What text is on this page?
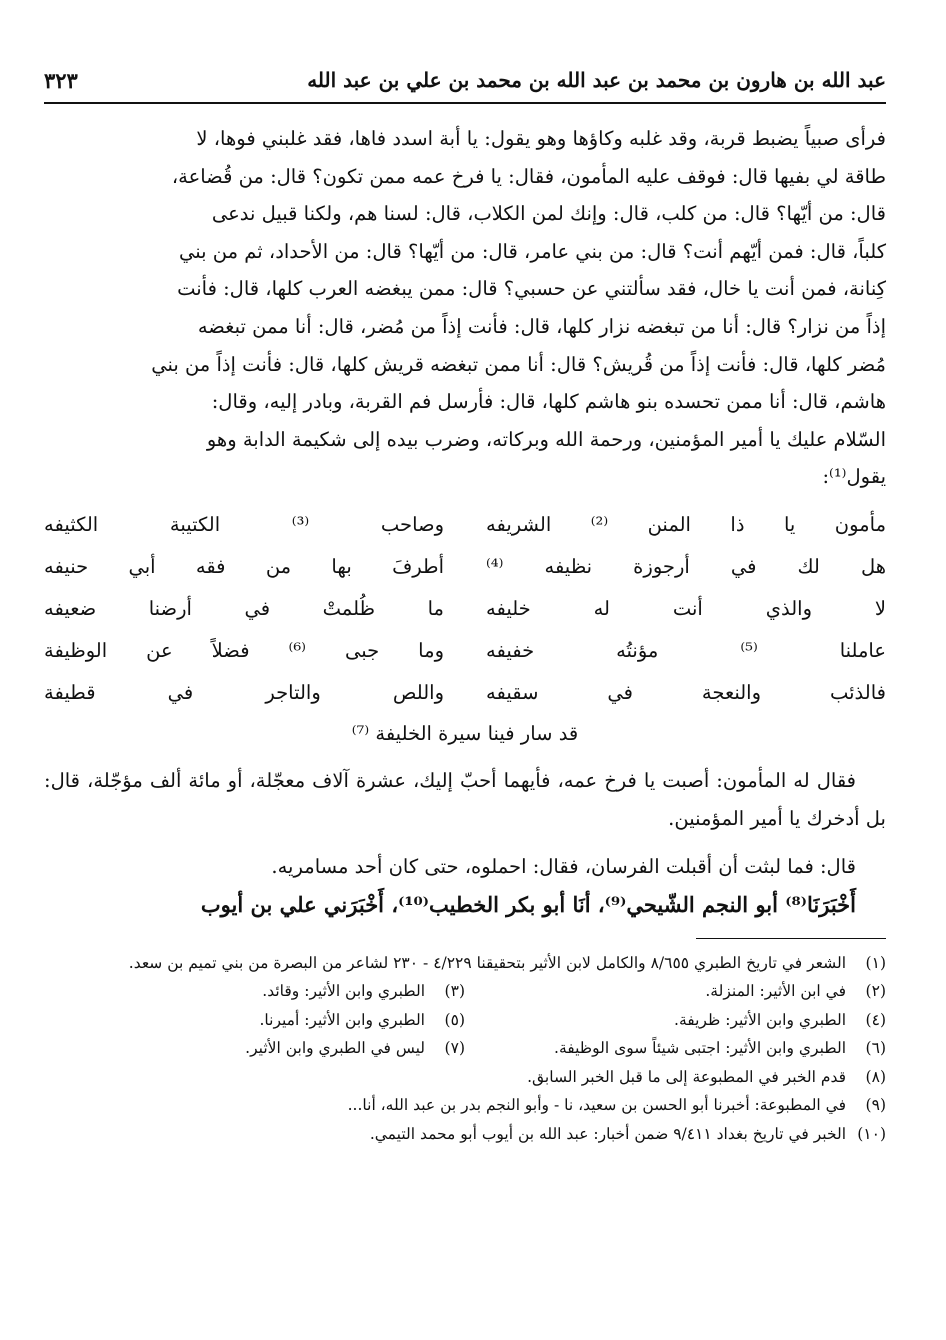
عبد الله بن هارون بن محمد بن عبد الله بن محمد بن علي بن عبد الله
٣٢٣

فرأى صبياً يضبط قربة، وقد غلبه وكاؤها وهو يقول: يا أبة اسدد فاها، فقد غلبني فوها، لا

طاقة لي بفيها قال: فوقف عليه المأمون، فقال: يا فرخ عمه ممن تكون؟ قال: من قُضاعة،

قال: من أيّها؟ قال: من كلب، قال: وإنك لمن الكلاب، قال: لسنا هم، ولكنا قبيل ندعى

كلباً، قال: فمن أيّهم أنت؟ قال: من بني عامر، قال: من أيّها؟ قال: من الأحداد، ثم من بني

كِنانة، فمن أنت يا خال، فقد سألتني عن حسبي؟ قال: ممن يبغضه العرب كلها، قال: فأنت

إذاً من نزار؟ قال: أنا من تبغضه نزار كلها، قال: فأنت إذاً من مُضر، قال: أنا ممن تبغضه

مُضر كلها، قال: فأنت إذاً من قُريش؟ قال: أنا ممن تبغضه قريش كلها، قال: فأنت إذاً من بني

هاشم، قال: أنا ممن تحسده بنو هاشم كلها، قال: فأرسل فم القربة، وبادر إليه، وقال:

السّلام عليك يا أمير المؤمنين، ورحمة الله وبركاته، وضرب بيده إلى شكيمة الدابة وهو

يقول⁽¹⁾:

مأمون يا ذا المنن ⁽²⁾ الشريفه
وصاحب ⁽³⁾ الكتيبة الكثيفه
هل لك في أرجوزة نظيفه ⁽⁴⁾
أطرفَ بها من فقه أبي حنيفه
لا والذي أنت له خليفه
ما ظُلمتْ في أرضنا ضعيفه
عاملنا ⁽⁵⁾ مؤنتُه خفيفه
وما جبى ⁽⁶⁾ فضلاً عن الوظيفة
فالذئب والنعجة في سقيفه
واللص والتاجر في قطيفة
قد سار فينا سيرة الخليفة ⁽⁷⁾

فقال له المأمون: أصبت يا فرخ عمه، فأيهما أحبّ إليك، عشرة آلاف معجّلة، أو مائة ألف مؤجّلة، قال: بل أدخرك يا أمير المؤمنين.

قال: فما لبثت أن أقبلت الفرسان، فقال: احملوه، حتى كان أحد مسامريه.

أَخْبَرَنَا⁽⁸⁾ أبو النجم الشّيحي⁽⁹⁾، أنَا أبو بكر الخطيب⁽¹⁰⁾، أَخْبَرَني علي بن أيوب

(١)
الشعر في تاريخ الطبري ٨/٦٥٥ والكامل لابن الأثير بتحقيقنا ٤/٢٢٩ - ٢٣٠ لشاعر من البصرة من بني تميم بن سعد.
(٢)
في ابن الأثير: المنزلة.
(٤)
الطبري وابن الأثير: ظريفة.
(٦)
الطبري وابن الأثير: اجتبى شيئاً سوى الوظيفة.
(٣)
الطبري وابن الأثير: وقائد.
(٥)
الطبري وابن الأثير: أميرنا.
(٧)
ليس في الطبري وابن الأثير.
(٨)
قدم الخبر في المطبوعة إلى ما قبل الخبر السابق.
(٩)
في المطبوعة: أخبرنا أبو الحسن بن سعيد، نا - وأبو النجم بدر بن عبد الله، أنا...
(١٠)
الخبر في تاريخ بغداد ٩/٤١١ ضمن أخبار: عبد الله بن أيوب أبو محمد التيمي.
